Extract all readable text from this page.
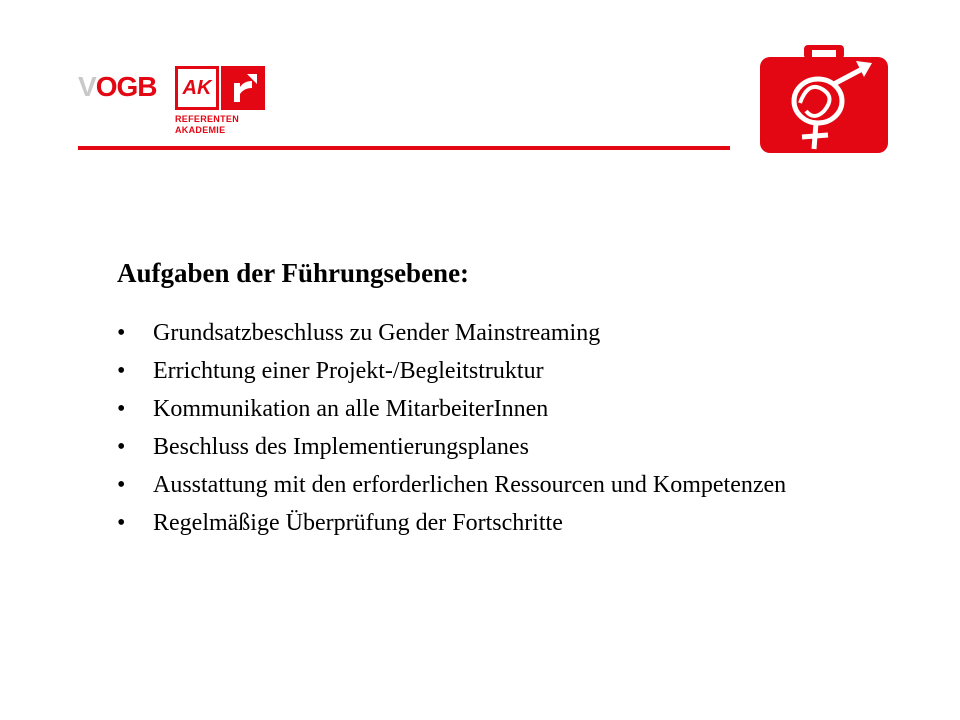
VOGB	AK
REFERENTEN
AKADEMIE
Aufgaben der Führungsebene:
• Grundsatzbeschluss zu Gender Mainstreaming
• Errichtung einer Projekt-/Begleitstruktur
• Kommunikation an alle MitarbeiterInnen
• Beschluss des Implementierungsplanes
• Ausstattung mit den erforderlichen Ressourcen und Kompetenzen
• Regelmäßige Überprüfung der Fortschritte
